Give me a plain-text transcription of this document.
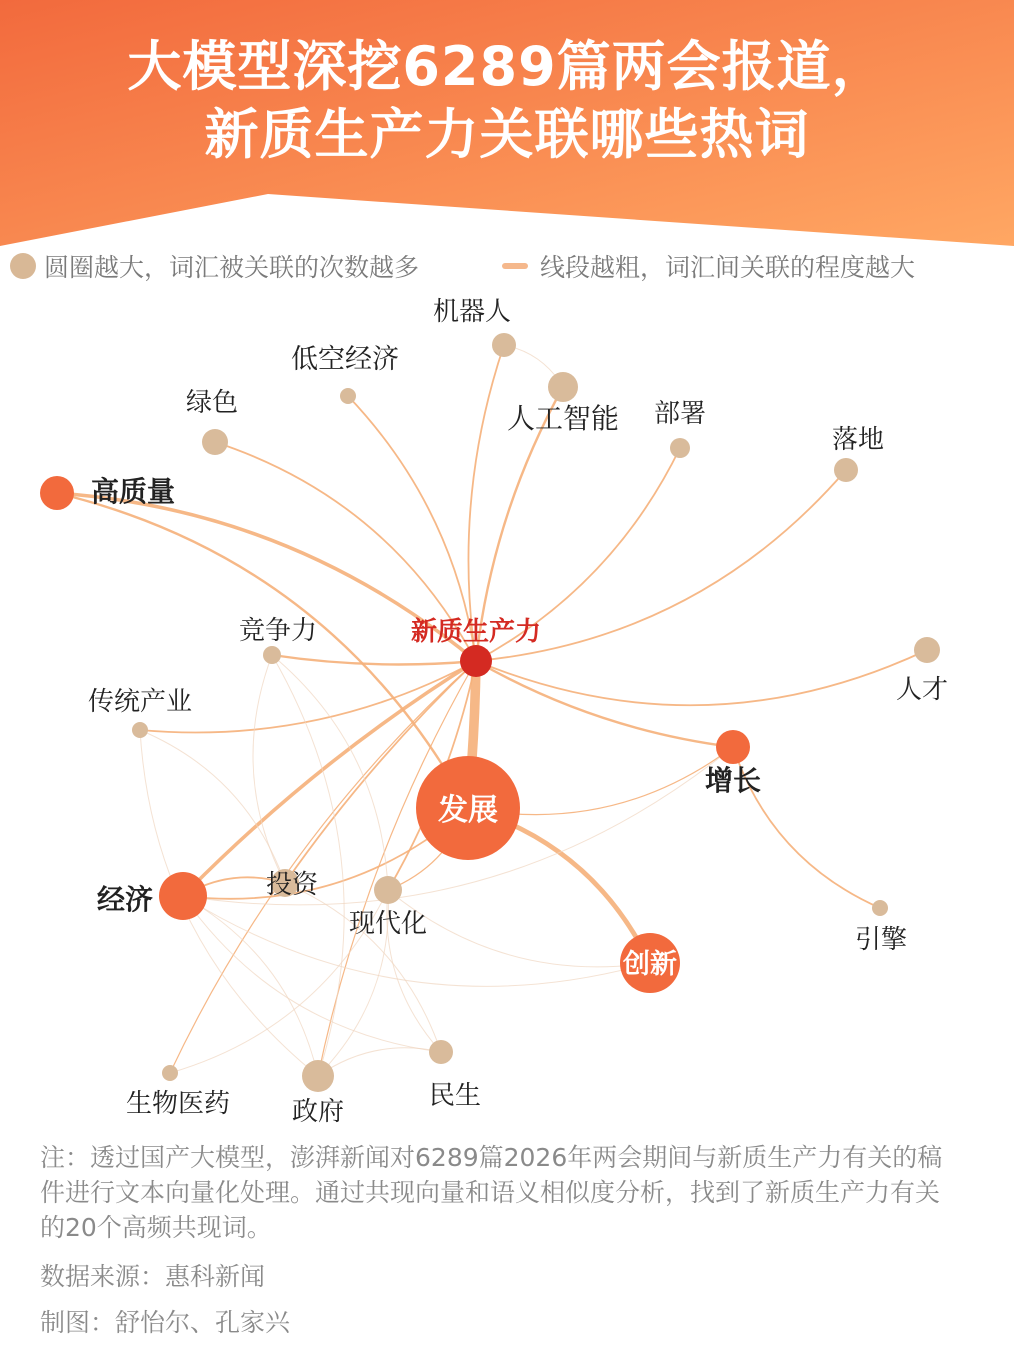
大模型深挖6289篇两会报道，
新质生产力关联哪些热词
圆圈越大，词汇被关联的次数越多	线段越粗，词汇间关联的程度越大
新质生产力
发展
创新
经济
增长
高质量
机器人
人工智能
低空经济
绿色	部署
落地
人才
竞争力
传统产业
投资
现代化
引擎
生物医药 政府
民生
注：透过国产大模型，澎湃新闻对6289篇2026年两会期间与新质生产力有关的稿件进行文本向量化处理。通过共现向量和语义相似度分析，找到了新质生产力有关的20个高频共现词。
数据来源：惠科新闻
制图：舒怡尔、孔家兴
